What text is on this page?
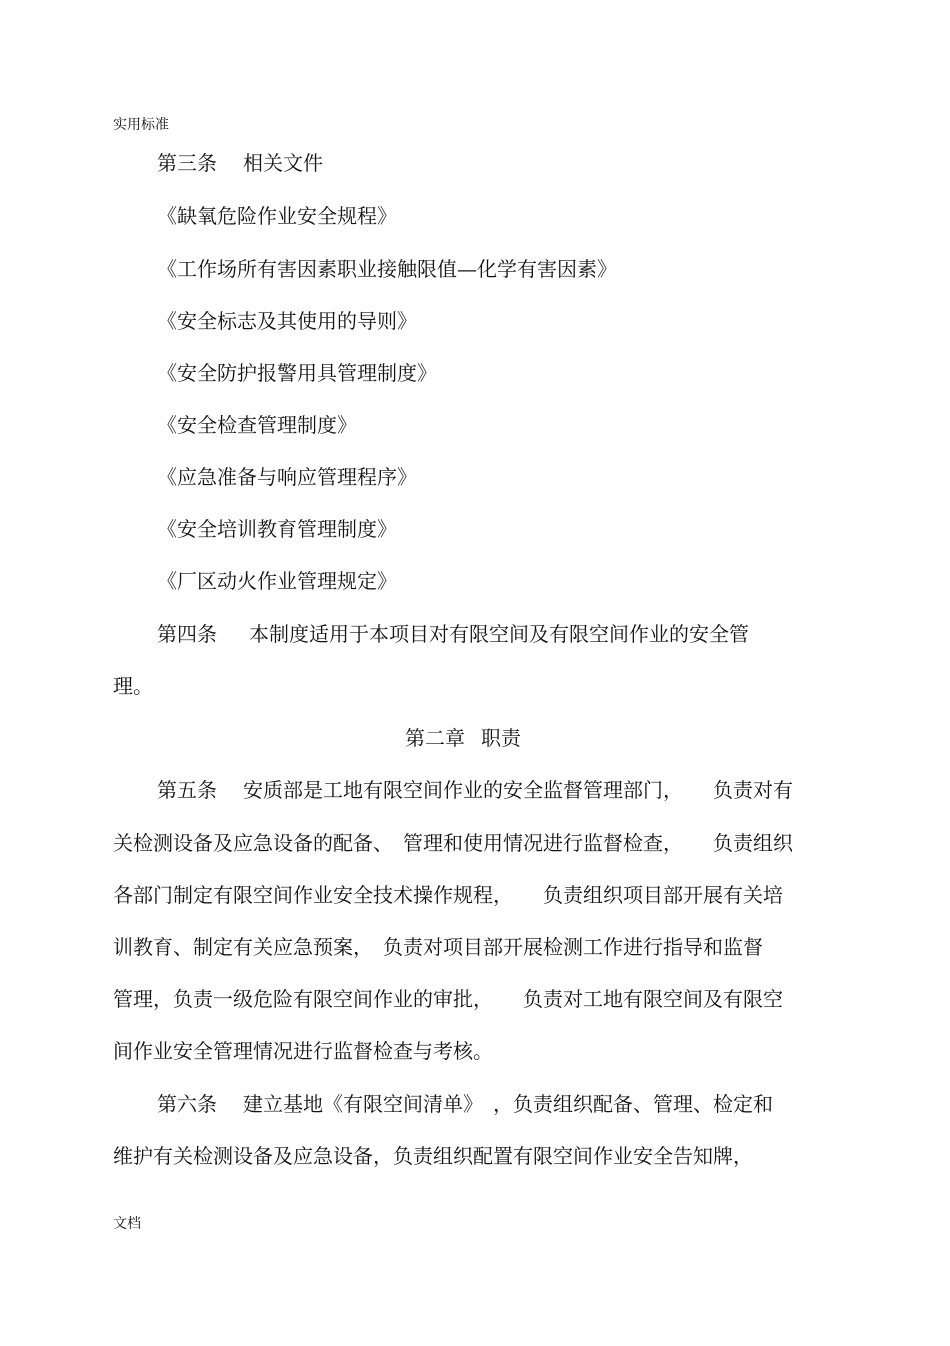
实用标准
第三条 相关文件
《缺氧危险作业安全规程》
《工作场所有害因素职业接触限值—化学有害因素》
《安全标志及其使用的导则》
《安全防护报警用具管理制度》
《安全检查管理制度》
《应急准备与响应管理程序》
《安全培训教育管理制度》
《厂区动火作业管理规定》
第四条 本制度适用于本项目对有限空间及有限空间作业的安全管
理。
第二章 职责
第五条 安质部是工地有限空间作业的安全监督管理部门，　　负责对有
关检测设备及应急设备的配备、　管理和使用情况进行监督检查，　　负责组织
各部门制定有限空间作业安全技术操作规程，　　负责组织项目部开展有关培
训教育、制定有关应急预案，　负责对项目部开展检测工作进行指导和监督
管理，负责一级危险有限空间作业的审批，　　负责对工地有限空间及有限空
间作业安全管理情况进行监督检查与考核。
第六条 建立基地《有限空间清单》　，负责组织配备、管理、检定和
维护有关检测设备及应急设备，负责组织配置有限空间作业安全告知牌，
文档
